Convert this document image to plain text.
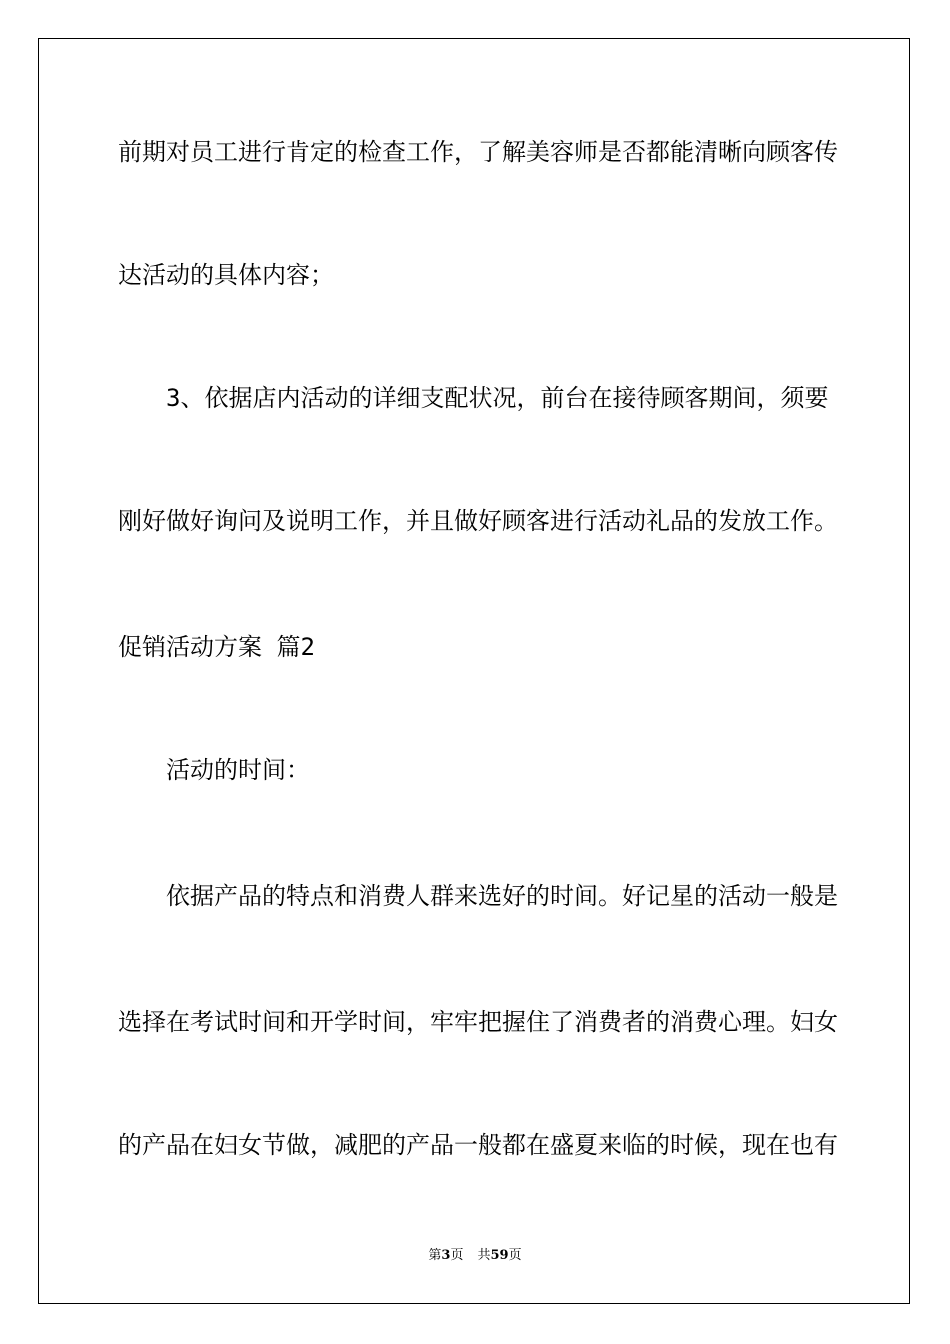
前期对员工进行肯定的检查工作，了解美容师是否都能清晰向顾客传
达活动的具体内容；
3、依据店内活动的详细支配状况，前台在接待顾客期间，须要
刚好做好询问及说明工作，并且做好顾客进行活动礼品的发放工作。
促销活动方案 篇2
活动的时间：
依据产品的特点和消费人群来选好的时间。好记星的活动一般是
选择在考试时间和开学时间，牢牢把握住了消费者的消费心理。妇女
的产品在妇女节做，减肥的产品一般都在盛夏来临的时候，现在也有
第3页 共59页
